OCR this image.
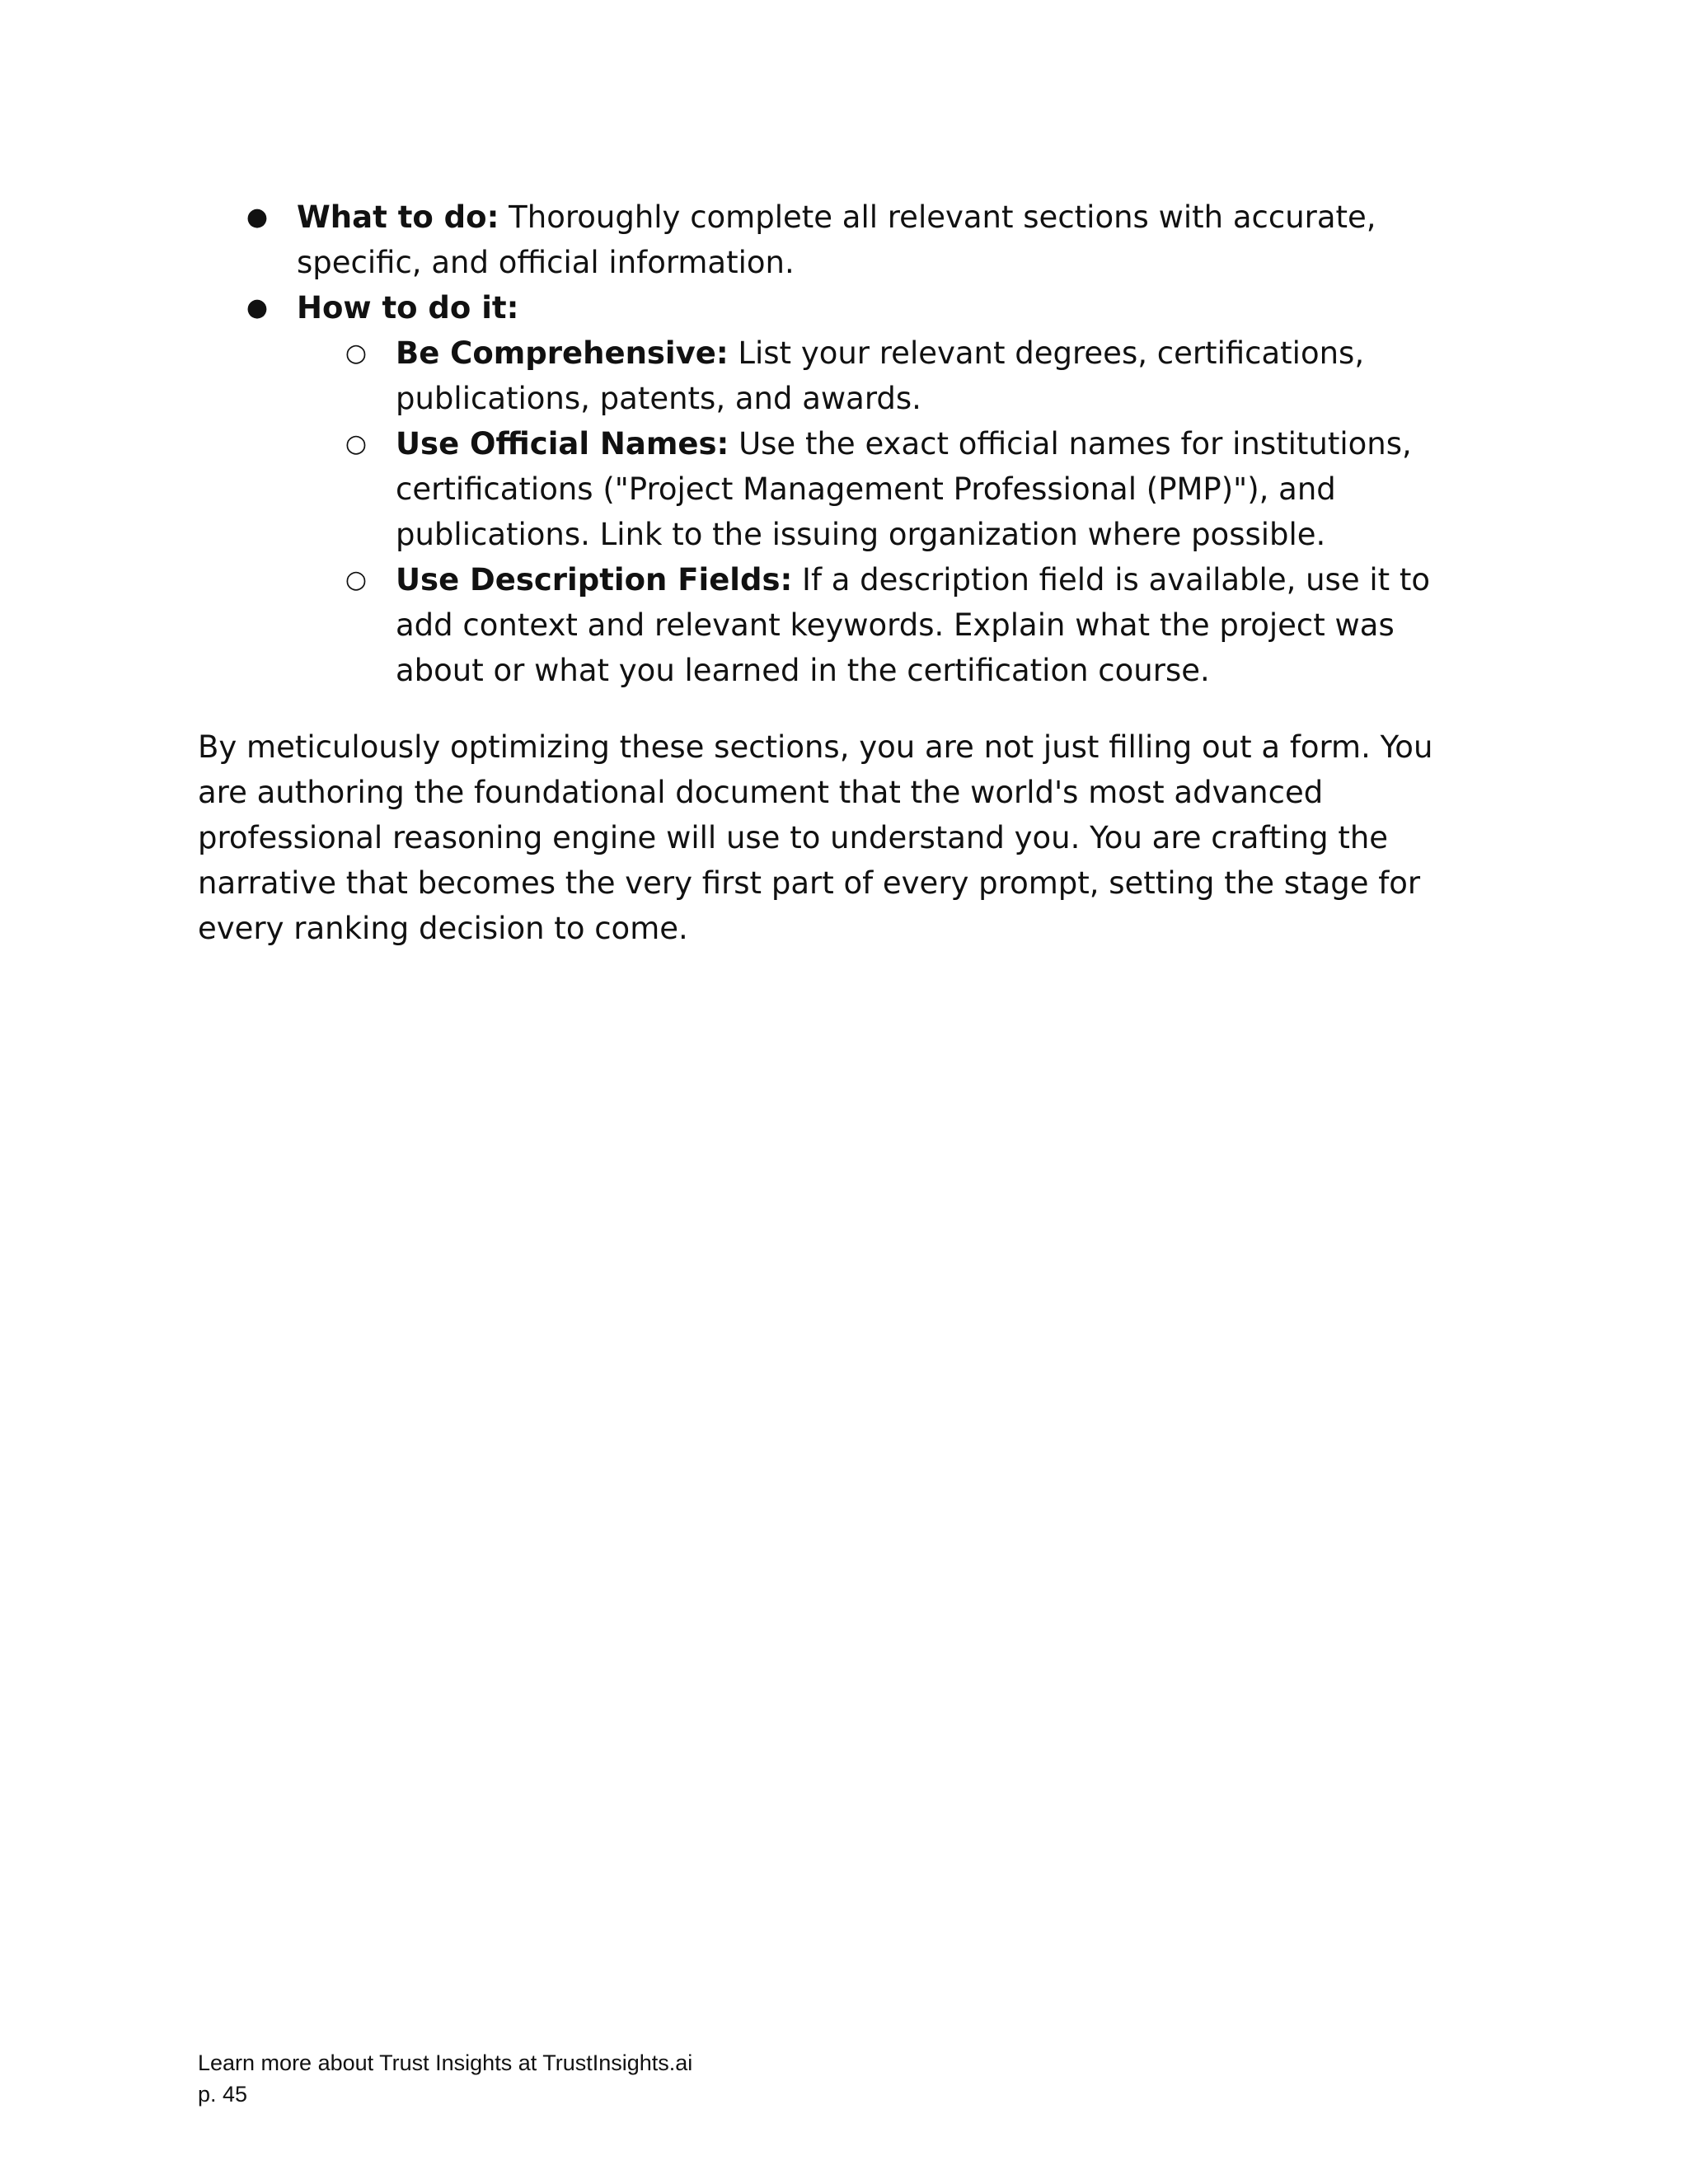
● What to do: Thoroughly complete all relevant sections with accurate, specific, and official information.
● How to do it:
○ Be Comprehensive: List your relevant degrees, certifications, publications, patents, and awards.
○ Use Official Names: Use the exact official names for institutions, certifications ("Project Management Professional (PMP)"), and publications. Link to the issuing organization where possible.
○ Use Description Fields: If a description field is available, use it to add context and relevant keywords. Explain what the project was about or what you learned in the certification course.

By meticulously optimizing these sections, you are not just filling out a form. You are authoring the foundational document that the world's most advanced professional reasoning engine will use to understand you. You are crafting the narrative that becomes the very first part of every prompt, setting the stage for every ranking decision to come.

Learn more about Trust Insights at TrustInsights.ai
p. 45
